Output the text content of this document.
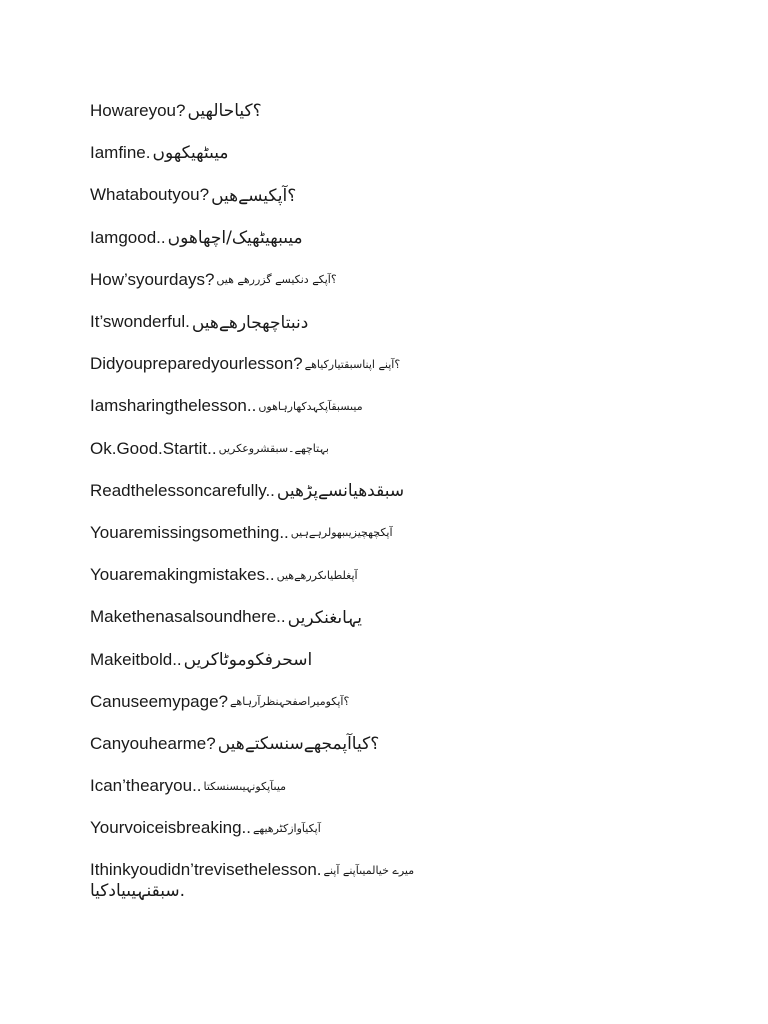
Howareyou? ؟کیاحالھیں
Iamfine. میںٹھیکھوں
Whataboutyou? ؟آپکیسےھیں
Iamgood.. میںبھیٹھیک/اچھاھوں
How’syourdays? ؟آپکے دنکیسے گزررھے ھیں
It’swonderful. دنبتاچھجارھےھیں
Didyoupreparedyourlesson? ؟آپنے اپناسبقتیارکیاھے
Iamsharingthelesson.. میںسبقآپکہدکھارہاھوں
Ok.Good.Startit.. بہتاچھے۔سبقشروعکریں
Readthelessoncarefully.. سبقدھیانسےپڑھیں
Youaremissingsomething.. آپکچھچیزیںبھولرہےہیں
Youaremakingmistakes.. آپغلطیاںکررھےھیں
Makethenasalsoundhere.. یہاںغنکریں
Makeitbold.. اسحرفکوموٹاکریں
Canuseemypage? ؟آپکومیراصفحہنظرآرہاھے
Canyouhearme? ؟کیاآپمجھےسنسکتےھیں
Ican’thearyou.. میںآپکونہیںسنسکتا
Yourvoiceisbreaking.. آپکیآوازکٹرھیھے
Ithinkyoudidn’trevisethelesson. میرے خیالمیںآپنے آپنے
.سبقنہیںیادکیا
